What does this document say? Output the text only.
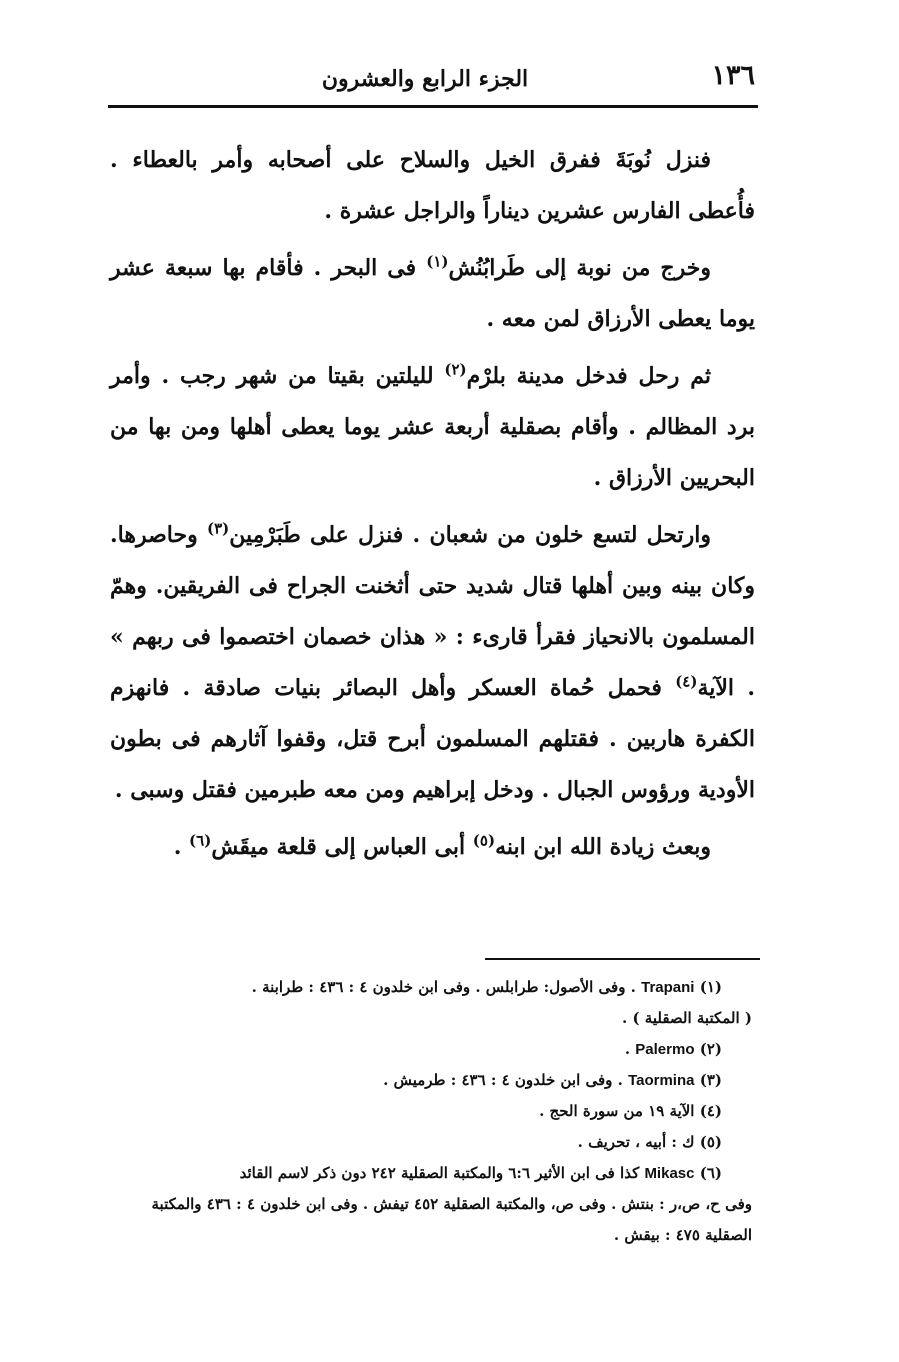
١٣٦
الجزء الرابع والعشرون

فنزل نُوبَةَ ففرق الخيل والسلاح على أصحابه وأمر بالعطاء . فأُعطى الفارس عشرين ديناراً والراجل عشرة .

وخرج من نوبة إلى طَرابُنُش$^{(١)}$ فى البحر . فأقام بها سبعة عشر يوما يعطى الأرزاق لمن معه .

ثم رحل فدخل مدينة بلرْم$^{(٢)}$ لليلتين بقيتا من شهر رجب . وأمر برد المظالم . وأقام بصقلية أربعة عشر يوما يعطى أهلها ومن بها من البحريين الأرزاق .

وارتحل لتسع خلون من شعبان . فنزل على طَبَرْمِين$^{(٣)}$ وحاصرها. وكان بينه وبين أهلها قتال شديد حتى أثخنت الجراح فى الفريقين. وهمّ المسلمون بالانحياز فقرأ قارىء : « هذان خصمان اختصموا فى ربهم » . الآية$^{(٤)}$ فحمل حُماة العسكر وأهل البصائر بنيات صادقة . فانهزم الكفرة هاربين . فقتلهم المسلمون أبرح قتل، وقفوا آثارهم فى بطون الأودية ورؤوس الجبال . ودخل إبراهيم ومن معه طبرمين فقتل وسبى .

وبعث زيادة الله ابن ابنه$^{(٥)}$ أبى العباس إلى قلعة ميقَش$^{(٦)}$ .

(١) Trapani . وفى الأصول: طرابلس . وفى ابن خلدون ٤ : ٤٣٦ : طرابنة .

( المكتبة الصقلية ) .

(٢) Palermo .

(٣) Taormina . وفى ابن خلدون ٤ : ٤٣٦ : طرميش .

(٤) الآية ١٩ من سورة الحج .

(٥) ك : أبيه ، تحريف .

(٦) Mikasc كذا فى ابن الأثير ٦:٦ والمكتبة الصقلية ٢٤٢ دون ذكر لاسم القائد

وفى ح، ص،ر : بنتش . وفى ص، والمكتبة الصقلية ٤٥٢ تيفش . وفى ابن خلدون ٤ : ٤٣٦ والمكتبة الصقلية ٤٧٥ : بيقش .
